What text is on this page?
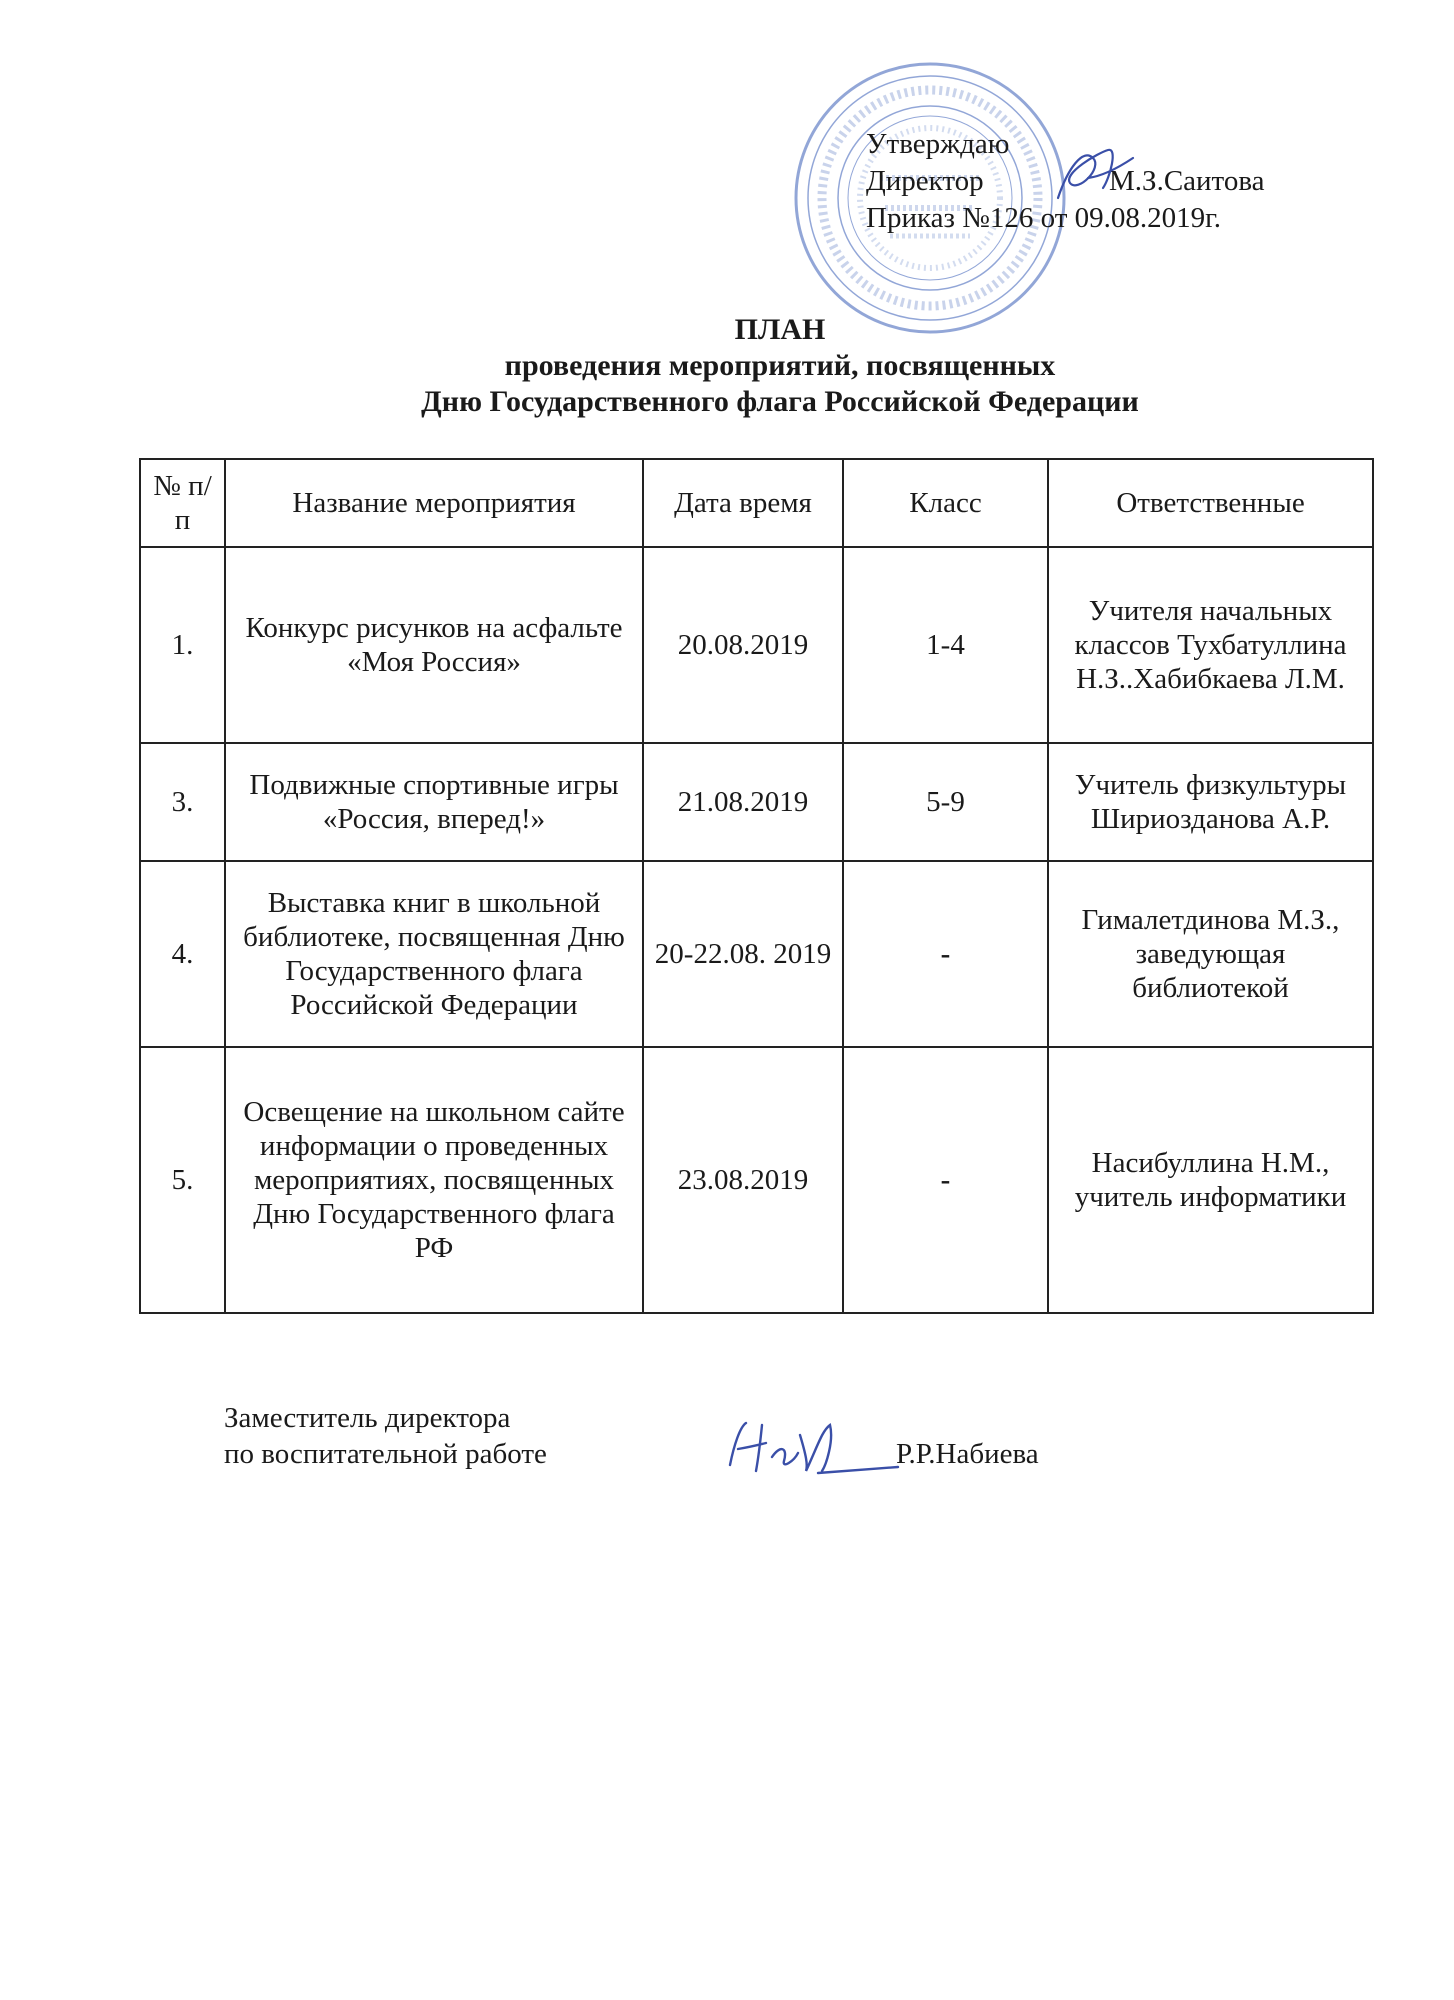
Утверждаю
Директор	М.З.Саитова
Приказ №126 от 09.08.2019г.
ПЛАН
проведения мероприятий, посвященных
Дню Государственного флага Российской Федерации
№ п/п	Название мероприятия	Дата время	Класс	Ответственные
1.	Конкурс рисунков на асфальте «Моя Россия»	20.08.2019	1-4	Учителя начальных классов Тухбатуллина Н.З..Хабибкаева Л.М.
3.	Подвижные спортивные игры «Россия, вперед!»	21.08.2019	5-9	Учитель физкультуры Шириозданова А.Р.
4.	Выставка книг в школьной библиотеке, посвященная Дню Государственного флага Российской Федерации	20-22.08. 2019	-	Гималетдинова М.З., заведующая библиотекой
5.	Освещение на школьном сайте информации о проведенных мероприятиях, посвященных Дню Государственного флага РФ	23.08.2019	-	Насибуллина Н.М., учитель информатики
Заместитель директора
по воспитательной работе	Р.Р.Набиева
